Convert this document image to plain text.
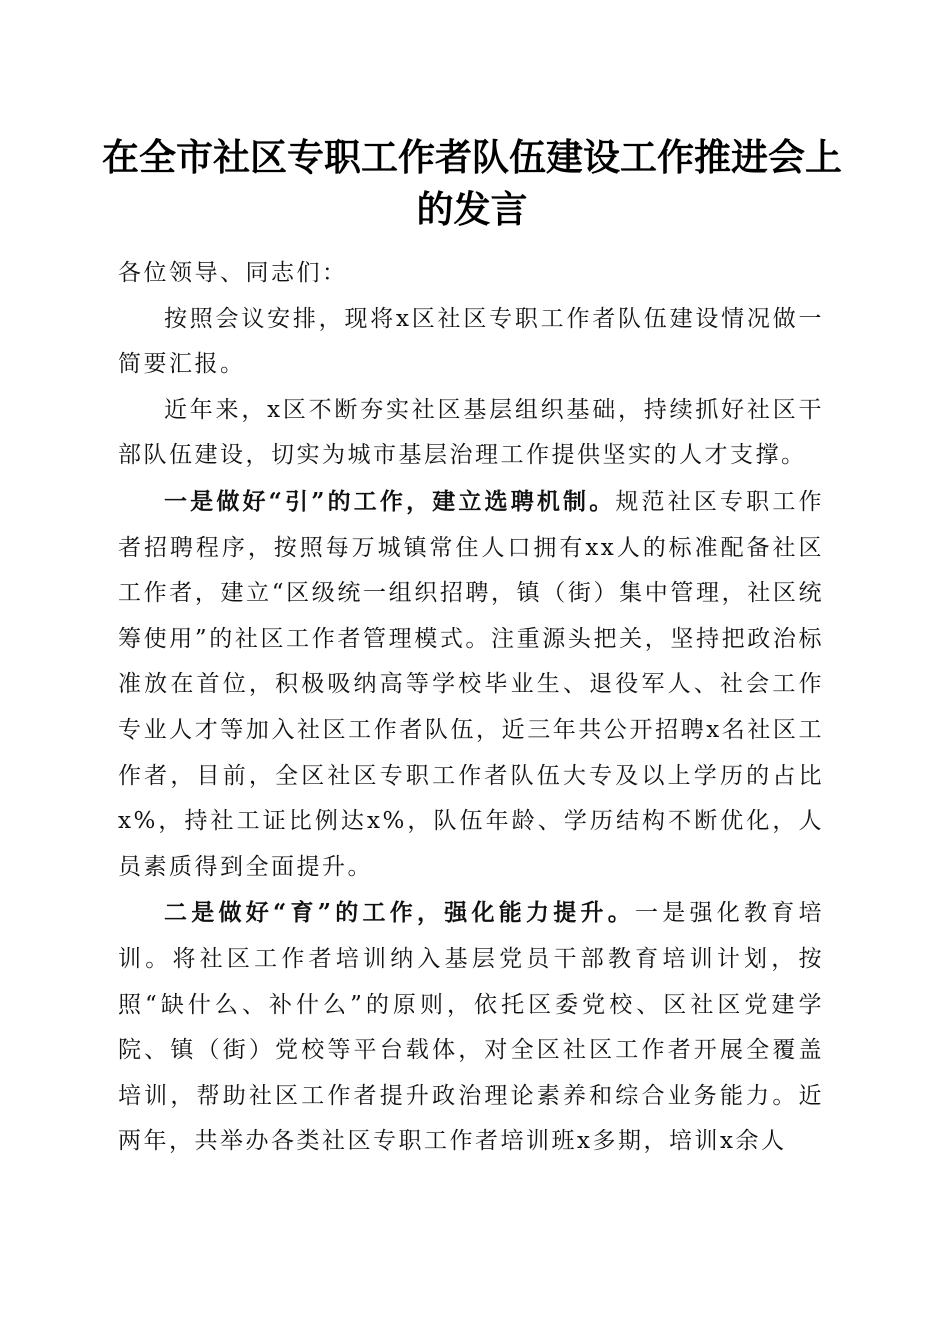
在全市社区专职工作者队伍建设工作推进会上的发言

各位领导、同志们：

按照会议安排，现将x区社区专职工作者队伍建设情况做一简要汇报。

近年来，x区不断夯实社区基层组织基础，持续抓好社区干部队伍建设，切实为城市基层治理工作提供坚实的人才支撑。

一是做好“引”的工作，建立选聘机制。规范社区专职工作者招聘程序，按照每万城镇常住人口拥有xx人的标准配备社区工作者，建立“区级统一组织招聘，镇（街）集中管理，社区统筹使用”的社区工作者管理模式。注重源头把关，坚持把政治标准放在首位，积极吸纳高等学校毕业生、退役军人、社会工作专业人才等加入社区工作者队伍，近三年共公开招聘x名社区工作者，目前，全区社区专职工作者队伍大专及以上学历的占比x%，持社工证比例达x%，队伍年龄、学历结构不断优化，人员素质得到全面提升。

二是做好“育”的工作，强化能力提升。一是强化教育培训。将社区工作者培训纳入基层党员干部教育培训计划，按照“缺什么、补什么”的原则，依托区委党校、区社区党建学院、镇（街）党校等平台载体，对全区社区工作者开展全覆盖培训，帮助社区工作者提升政治理论素养和综合业务能力。近两年，共举办各类社区专职工作者培训班x多期，培训x余人
